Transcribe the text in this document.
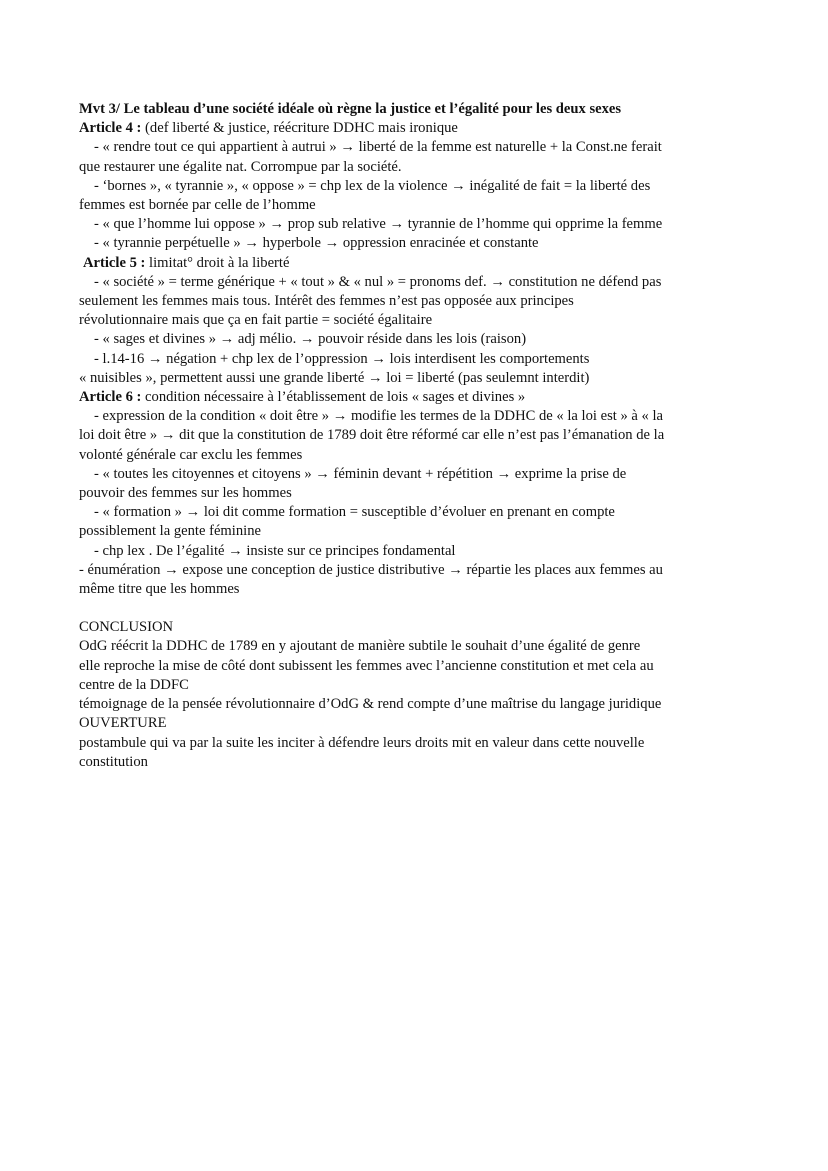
Mvt 3/ Le tableau d’une société idéale où règne la justice et l’égalité pour les deux sexes
Article 4 : (def liberté & justice, réécriture DDHC mais ironique
- « rendre tout ce qui appartient à autrui » → liberté de la femme est naturelle + la Const.ne ferait
que restaurer une égalite nat. Corrompue par la société.
- ‘bornes », « tyrannie », « oppose » = chp lex de la violence → inégalité de fait = la liberté des
femmes est bornée par celle de l’homme
- « que l’homme lui oppose » → prop sub relative → tyrannie de l’homme qui opprime la femme
- « tyrannie perpétuelle » → hyperbole → oppression enracinée et constante
Article 5 : limitat° droit à la liberté
- « société » = terme générique + « tout » & « nul » = pronoms def. → constitution ne défend pas
seulement les femmes mais tous. Intérêt des femmes n’est pas opposée aux principes
révolutionnaire mais que ça en fait partie = société égalitaire
- « sages et divines » → adj mélio. → pouvoir réside dans les lois (raison)
- l.14-16 → négation + chp lex de l’oppression → lois interdisent les comportements
« nuisibles », permettent aussi une grande liberté → loi = liberté (pas seulemnt interdit)
Article 6 : condition nécessaire à l’établissement de lois « sages et divines »
- expression de la condition « doit être » → modifie les termes de la DDHC de « la loi est » à « la
loi doit être » → dit que la constitution de 1789 doit être réformé car elle n’est pas l’émanation de la
volonté générale car exclu les femmes
- « toutes les citoyennes et citoyens » → féminin devant + répétition → exprime la prise de
pouvoir des femmes sur les hommes
- « formation » → loi dit comme formation = susceptible d’évoluer en prenant en compte
possiblement la gente féminine
- chp lex . De l’égalité → insiste sur ce principes fondamental
- énumération → expose une conception de justice distributive → répartie les places aux femmes au
même titre que les hommes
CONCLUSION
OdG réécrit la DDHC de 1789 en y ajoutant de manière subtile le souhait d’une égalité de genre
elle reproche la mise de côté dont subissent les femmes avec l’ancienne constitution et met cela au
centre de la DDFC
témoignage de la pensée révolutionnaire d’OdG & rend compte d’une maîtrise du langage juridique
OUVERTURE
postambule qui va par la suite les inciter à défendre leurs droits mit en valeur dans cette nouvelle
constitution
